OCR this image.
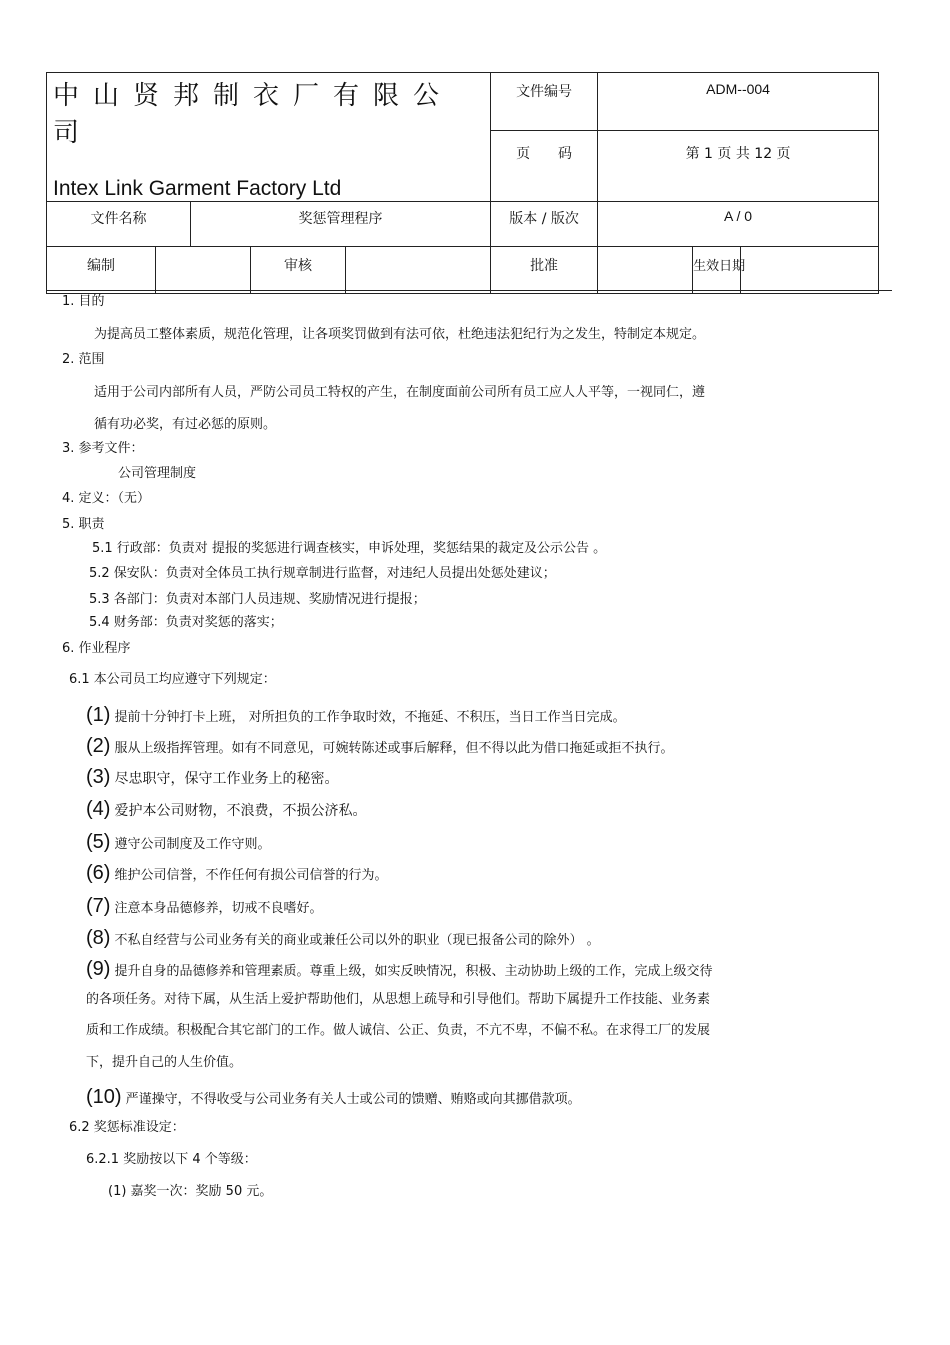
中山贤邦制衣厂有限公司
Intex Link Garment Factory Ltd					文件编号	ADM--004		
					页　　码	第 1 页 共 12 页		
文件名称		奖惩管理程序			版本 / 版次	A / 0		
编制			审核		批准		生效日期	
1. 目的
为提高员工整体素质，规范化管理，让各项奖罚做到有法可依，杜绝违法犯纪行为之发生，特制定本规定。
2. 范围
适用于公司内部所有人员，严防公司员工特权的产生，在制度面前公司所有员工应人人平等，一视同仁，遵
循有功必奖，有过必惩的原则。
3. 参考文件：
公司管理制度
4. 定义：（无）
5. 职责
5.1 行政部：负责对 提报的奖惩进行调查核实，申诉处理，奖惩结果的裁定及公示公告 。
5.2 保安队：负责对全体员工执行规章制进行监督，对违纪人员提出处惩处建议；
5.3 各部门：负责对本部门人员违规、奖励情况进行提报；
5.4 财务部：负责对奖惩的落实；
6. 作业程序
6.1 本公司员工均应遵守下列规定：
(1) 提前十分钟打卡上班， 对所担负的工作争取时效，不拖延、不积压，当日工作当日完成。
(2) 服从上级指挥管理。如有不同意见，可婉转陈述或事后解释，但不得以此为借口拖延或拒不执行。
(3) 尽忠职守，保守工作业务上的秘密。
(4) 爱护本公司财物，不浪费，不损公济私。
(5) 遵守公司制度及工作守则。
(6) 维护公司信誉，不作任何有损公司信誉的行为。
(7) 注意本身品德修养，切戒不良嗜好。
(8) 不私自经营与公司业务有关的商业或兼任公司以外的职业（现已报备公司的除外） 。
(9) 提升自身的品德修养和管理素质。尊重上级，如实反映情况，积极、主动协助上级的工作，完成上级交待
的各项任务。对待下属，从生活上爱护帮助他们，从思想上疏导和引导他们。帮助下属提升工作技能、业务素
质和工作成绩。积极配合其它部门的工作。做人诚信、公正、负责，不亢不卑，不偏不私。在求得工厂的发展
下，提升自己的人生价值。
(10) 严谨操守，不得收受与公司业务有关人士或公司的馈赠、贿赂或向其挪借款项。
6.2 奖惩标准设定：
6.2.1 奖励按以下 4 个等级：
(1) 嘉奖一次：奖励 50 元。
